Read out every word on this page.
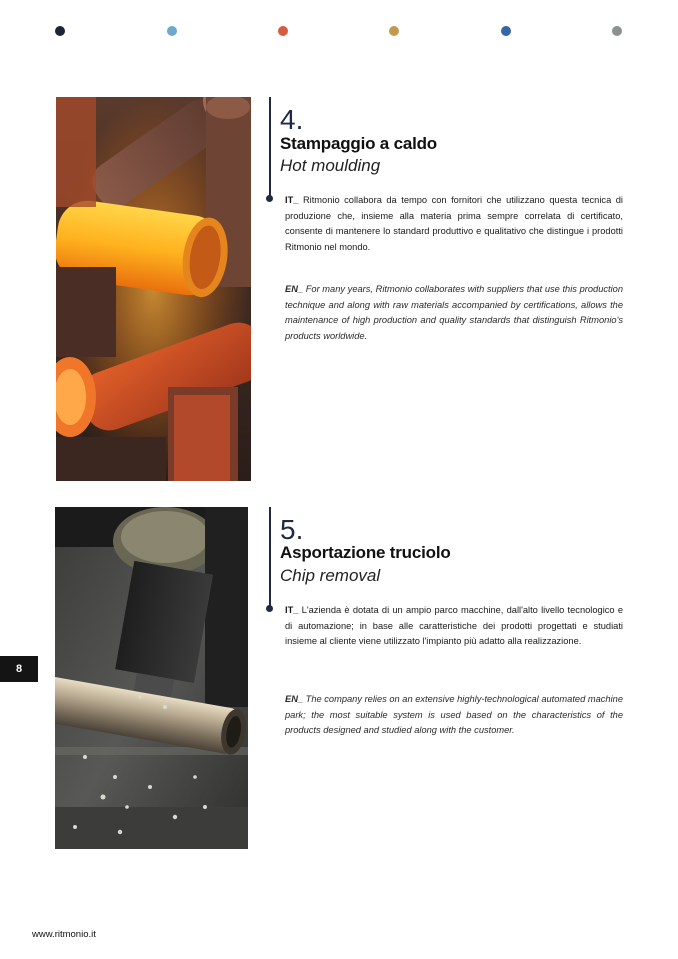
4.
Stampaggio a caldo
Hot moulding
IT_ Ritmonio collabora da tempo con fornitori che utilizzano questa tecnica di produzione che, insieme alla materia prima sempre correlata di certificato, consente di mantenere lo standard produttivo e qualitativo che distingue i prodotti Ritmonio nel mondo.
EN_ For many years, Ritmonio collaborates with suppliers that use this production technique and along with raw materials accompanied by certifications, allows the maintenance of high production and quality standards that distinguish Ritmonio's products worldwide.
5.
Asportazione truciolo
Chip removal
IT_ L'azienda è dotata di un ampio parco macchine, dall'alto livello tecnologico e di automazione; in base alle caratteristiche dei prodotti progettati e studiati insieme al cliente viene utilizzato l'impianto più adatto alla realizzazione.
EN_ The company relies on an extensive highly-technological automated machine park; the most suitable system is used based on the characteristics of the products designed and studied along with the customer.
8
www.ritmonio.it
